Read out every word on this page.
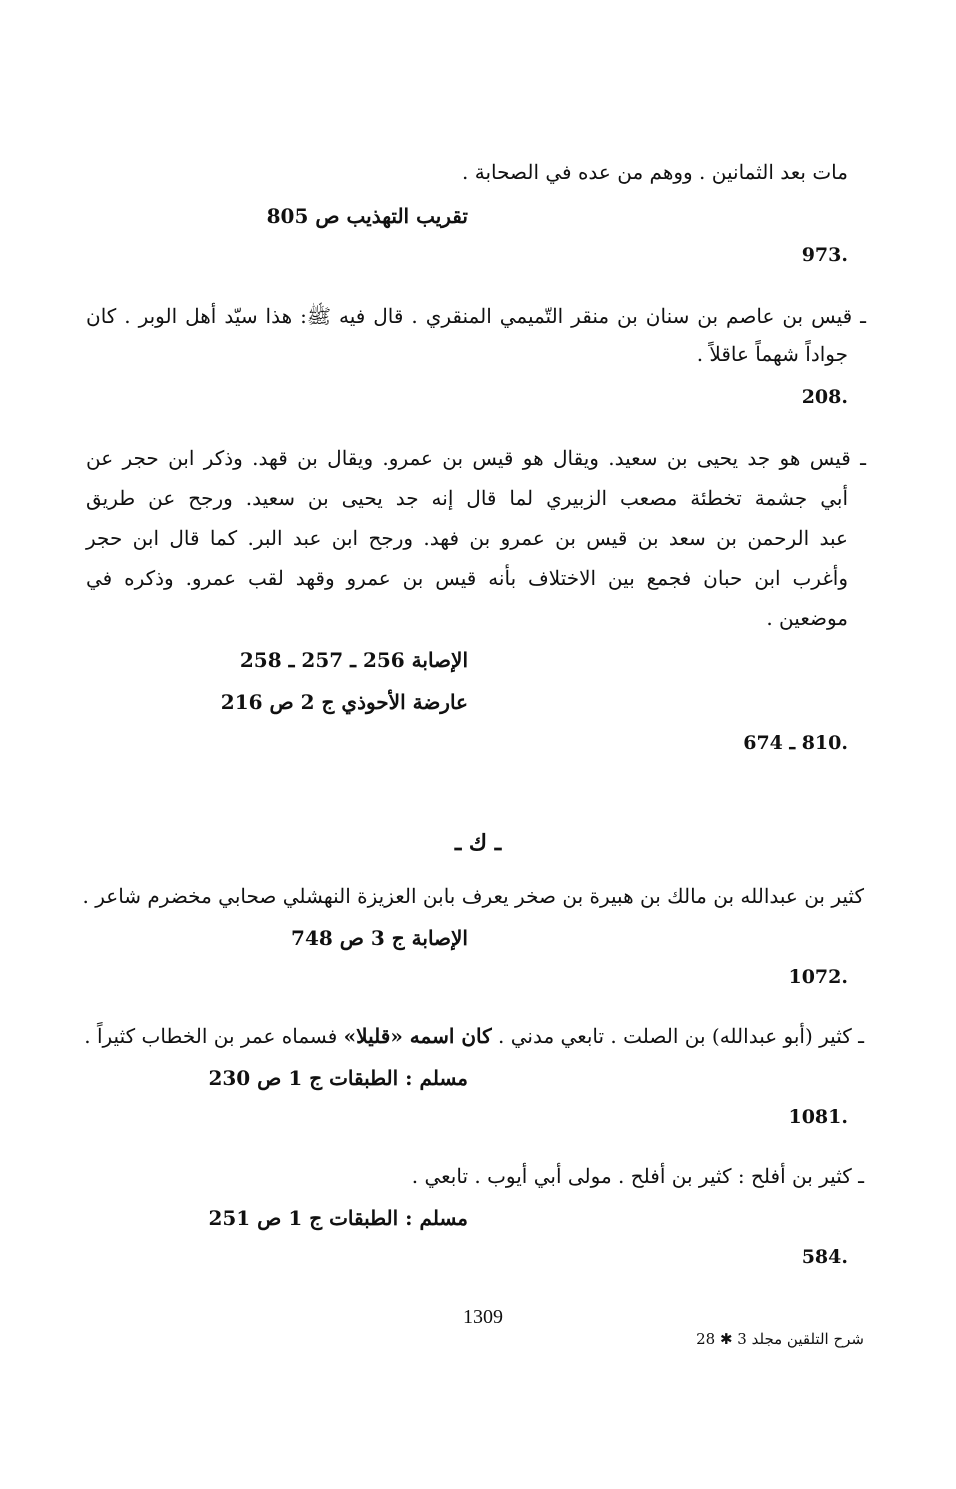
مات بعد الثمانين . ووهم من عده في الصحابة .
تقريب التهذيب ص 805
.973
ـ قيس بن عاصم بن سنان بن منقر التّميمي المنقري . قال فيه ﷺ: هذا سيّد أهل الوبر . كان
جواداً شهماً عاقلاً .
.208
ـ قيس هو جد يحيى بن سعيد. ويقال هو قيس بن عمرو. ويقال بن قهد. وذكر ابن حجر عن
أبي جشمة تخطئة مصعب الزبيري لما قال إنه جد يحيى بن سعيد. ورجح عن طريق
عبد الرحمن بن سعد بن قيس بن عمرو بن فهد. ورجح ابن عبد البر. كما قال ابن حجر
وأغرب ابن حبان فجمع بين الاختلاف بأنه قيس بن عمرو وقهد لقب عمرو. وذكره في
موضعين .
الإصابة 256 ـ 257 ـ 258
عارضة الأحوذي ج 2 ص 216
.810 ـ 674
ـ ك ـ
كثير بن عبدالله بن مالك بن هبيرة بن صخر يعرف بابن العزيزة النهشلي صحابي مخضرم شاعر .
الإصابة ج 3 ص 748
.1072
ـ كثير (أبو عبدالله) بن الصلت . تابعي مدني . كان اسمه «قليلا» فسماه عمر بن الخطاب كثيراً .
مسلم : الطبقات ج 1 ص 230
.1081
ـ كثير بن أفلح : كثير بن أفلح . مولى أبي أيوب . تابعي .
مسلم : الطبقات ج 1 ص 251
.584
1309
شرح التلقين مجلد 3 ✱ 28
